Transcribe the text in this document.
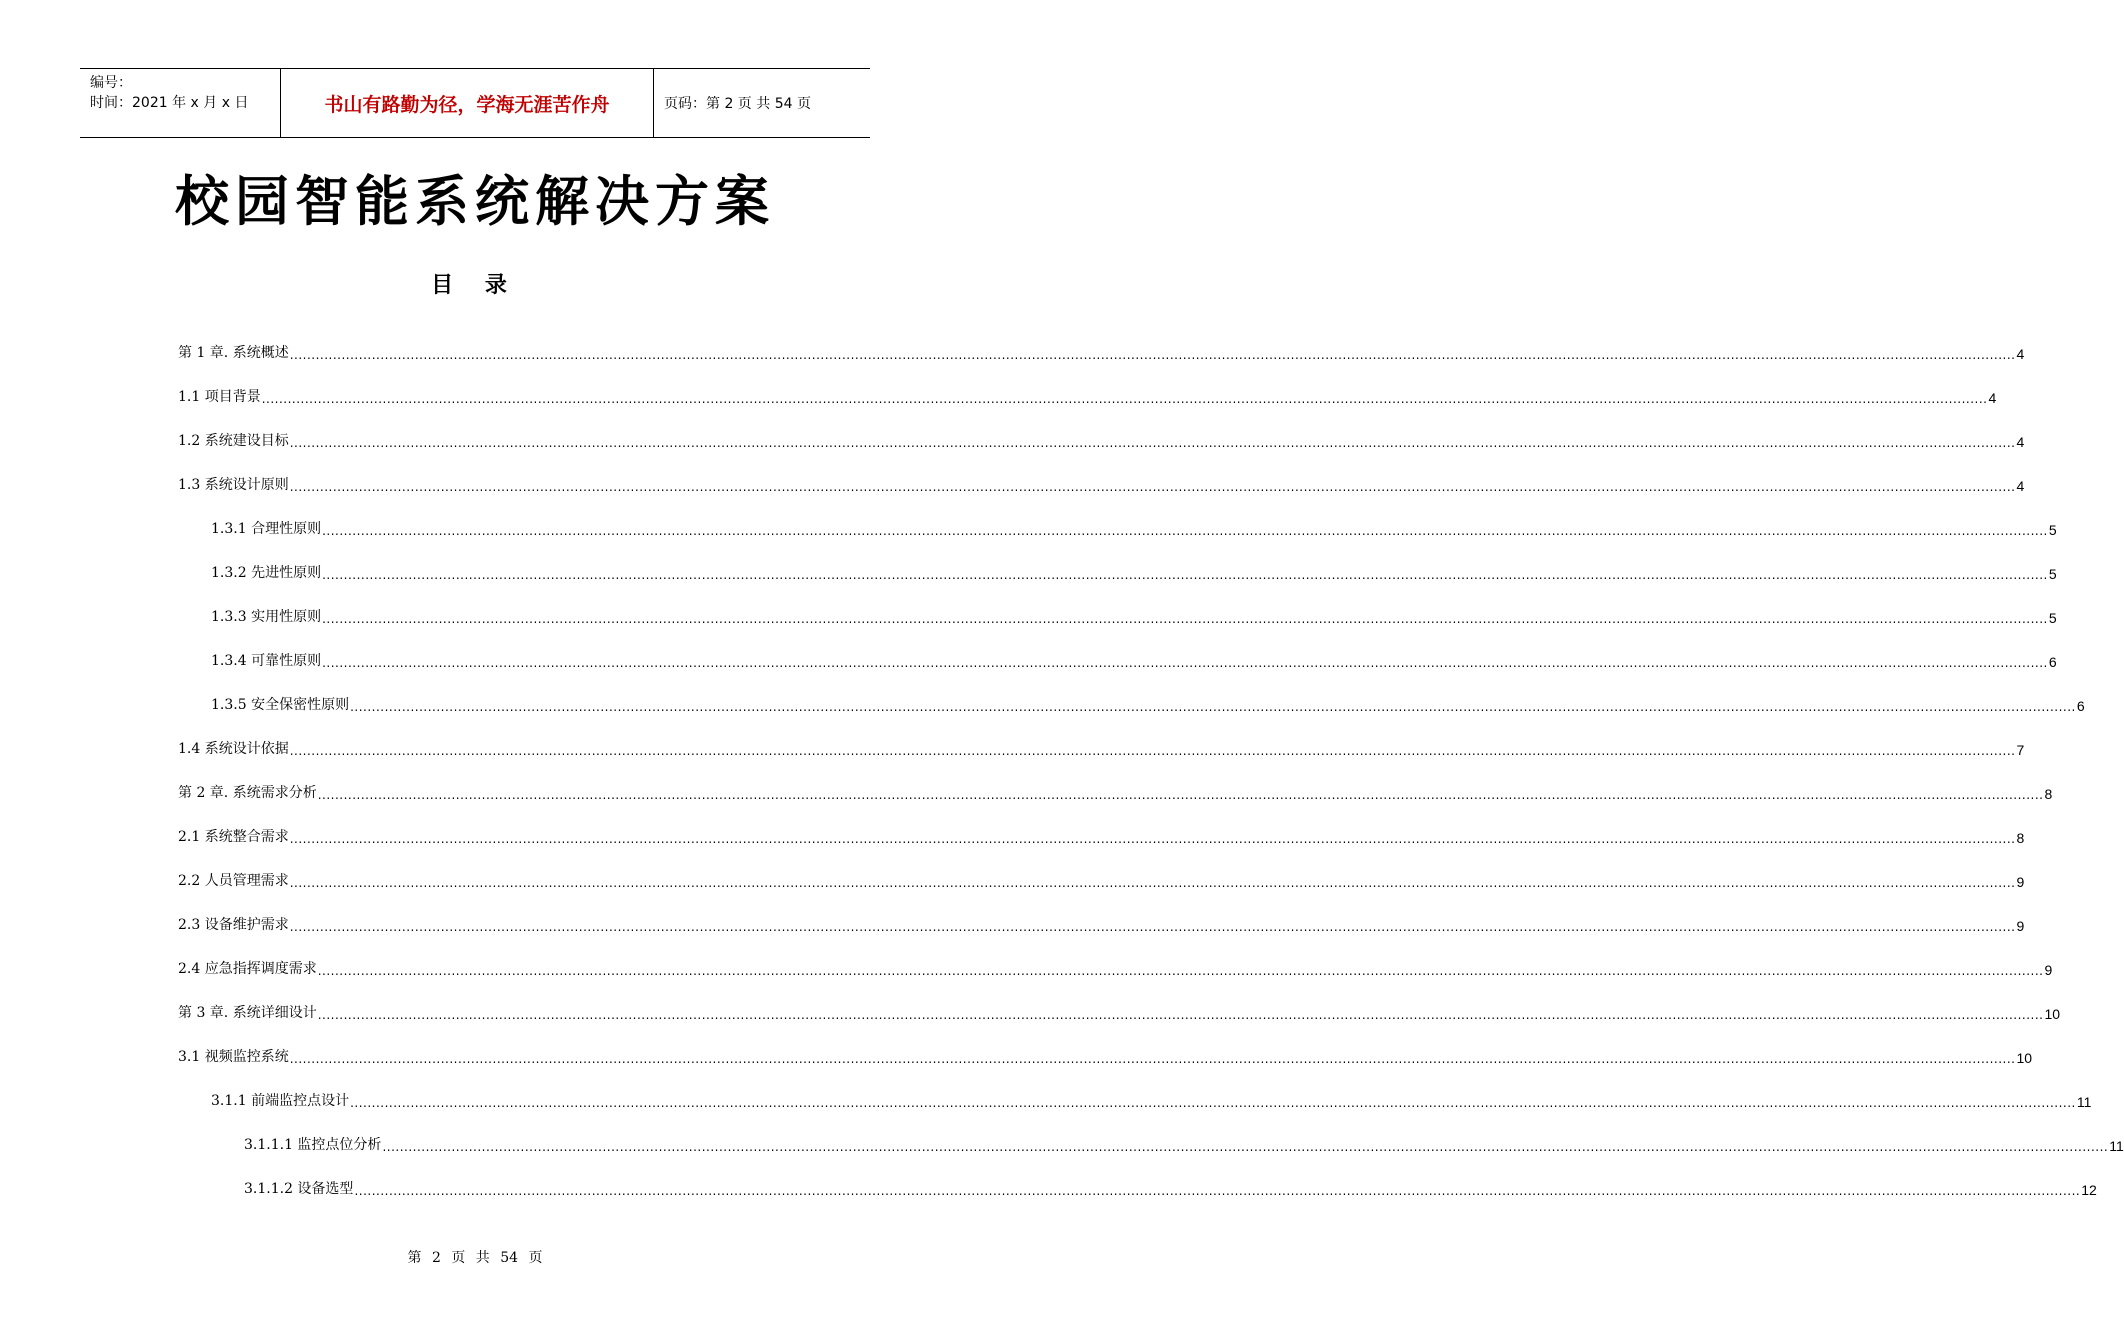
编号：
时间：2021 年 x 月 x 日	书山有路勤为径，学海无涯苦作舟	页码：第 2 页 共 54 页
校园智能系统解决方案
目 录
第 1 章. 系统概述 ................................................................................................................................................................................................................................................................................................................................................................................................................ 4
1.1 项目背景 ................................................................................................................................................................................................................................................................................................................................................................................................................ 4
1.2 系统建设目标 ................................................................................................................................................................................................................................................................................................................................................................................................................ 4
1.3 系统设计原则 ................................................................................................................................................................................................................................................................................................................................................................................................................ 4
1.3.1 合理性原则 ................................................................................................................................................................................................................................................................................................................................................................................................................ 5
1.3.2 先进性原则 ................................................................................................................................................................................................................................................................................................................................................................................................................ 5
1.3.3 实用性原则 ................................................................................................................................................................................................................................................................................................................................................................................................................ 5
1.3.4 可靠性原则 ................................................................................................................................................................................................................................................................................................................................................................................................................ 6
1.3.5 安全保密性原则 ................................................................................................................................................................................................................................................................................................................................................................................................................ 6
1.4 系统设计依据 ................................................................................................................................................................................................................................................................................................................................................................................................................ 7
第 2 章. 系统需求分析 ................................................................................................................................................................................................................................................................................................................................................................................................................ 8
2.1 系统整合需求 ................................................................................................................................................................................................................................................................................................................................................................................................................ 8
2.2 人员管理需求 ................................................................................................................................................................................................................................................................................................................................................................................................................ 9
2.3 设备维护需求 ................................................................................................................................................................................................................................................................................................................................................................................................................ 9
2.4 应急指挥调度需求 ................................................................................................................................................................................................................................................................................................................................................................................................................ 9
第 3 章. 系统详细设计 ................................................................................................................................................................................................................................................................................................................................................................................................................ 10
3.1 视频监控系统 ................................................................................................................................................................................................................................................................................................................................................................................................................ 10
3.1.1 前端监控点设计 ................................................................................................................................................................................................................................................................................................................................................................................................................ 11
3.1.1.1 监控点位分析 ................................................................................................................................................................................................................................................................................................................................................................................................................ 11
3.1.1.2 设备选型 ................................................................................................................................................................................................................................................................................................................................................................................................................ 12
第 2 页 共 54 页
